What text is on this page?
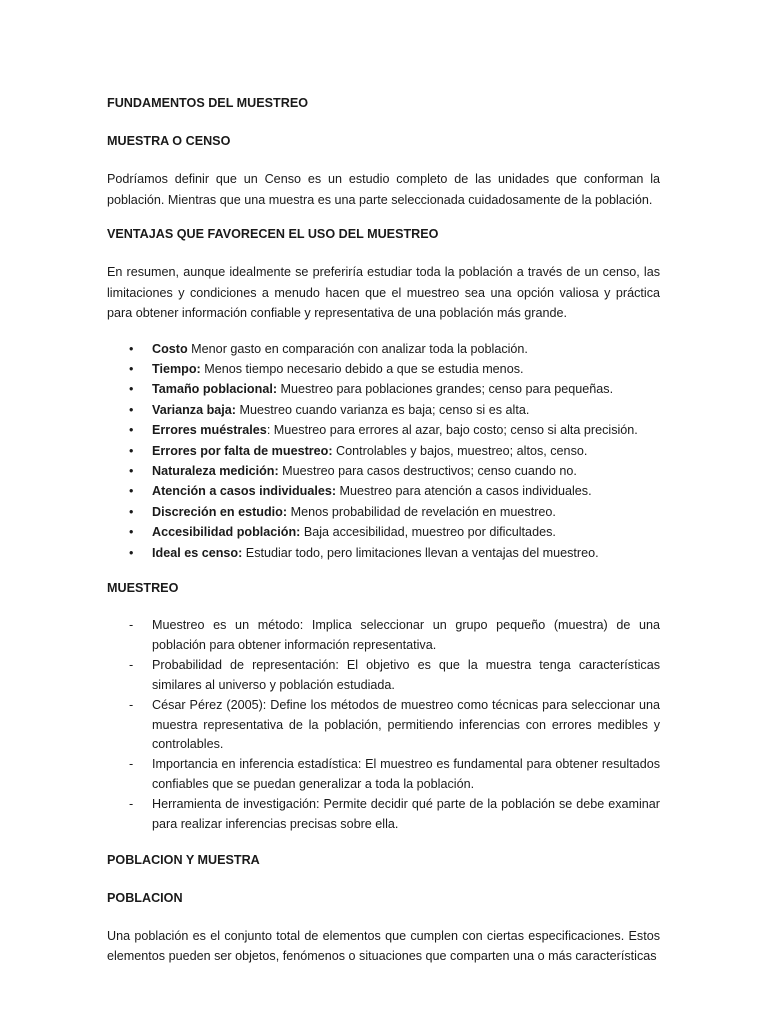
FUNDAMENTOS DEL MUESTREO

MUESTRA O CENSO

Podríamos definir que un Censo es un estudio completo de las unidades que conforman la población. Mientras que una muestra es una parte seleccionada cuidadosamente de la población.

VENTAJAS QUE FAVORECEN EL USO DEL MUESTREO

En resumen, aunque idealmente se preferiría estudiar toda la población a través de un censo, las limitaciones y condiciones a menudo hacen que el muestreo sea una opción valiosa y práctica para obtener información confiable y representativa de una población más grande.

• Costo Menor gasto en comparación con analizar toda la población.
• Tiempo: Menos tiempo necesario debido a que se estudia menos.
• Tamaño poblacional: Muestreo para poblaciones grandes; censo para pequeñas.
• Varianza baja: Muestreo cuando varianza es baja; censo si es alta.
• Errores muéstrales: Muestreo para errores al azar, bajo costo; censo si alta precisión.
• Errores por falta de muestreo: Controlables y bajos, muestreo; altos, censo.
• Naturaleza medición: Muestreo para casos destructivos; censo cuando no.
• Atención a casos individuales: Muestreo para atención a casos individuales.
• Discreción en estudio: Menos probabilidad de revelación en muestreo.
• Accesibilidad población: Baja accesibilidad, muestreo por dificultades.
• Ideal es censo: Estudiar todo, pero limitaciones llevan a ventajas del muestreo.

MUESTREO

- Muestreo es un método: Implica seleccionar un grupo pequeño (muestra) de una población para obtener información representativa.
- Probabilidad de representación: El objetivo es que la muestra tenga características similares al universo y población estudiada.
- César Pérez (2005): Define los métodos de muestreo como técnicas para seleccionar una muestra representativa de la población, permitiendo inferencias con errores medibles y controlables.
- Importancia en inferencia estadística: El muestreo es fundamental para obtener resultados confiables que se puedan generalizar a toda la población.
- Herramienta de investigación: Permite decidir qué parte de la población se debe examinar para realizar inferencias precisas sobre ella.

POBLACION Y MUESTRA

POBLACION

Una población es el conjunto total de elementos que cumplen con ciertas especificaciones. Estos elementos pueden ser objetos, fenómenos o situaciones que comparten una o más características
